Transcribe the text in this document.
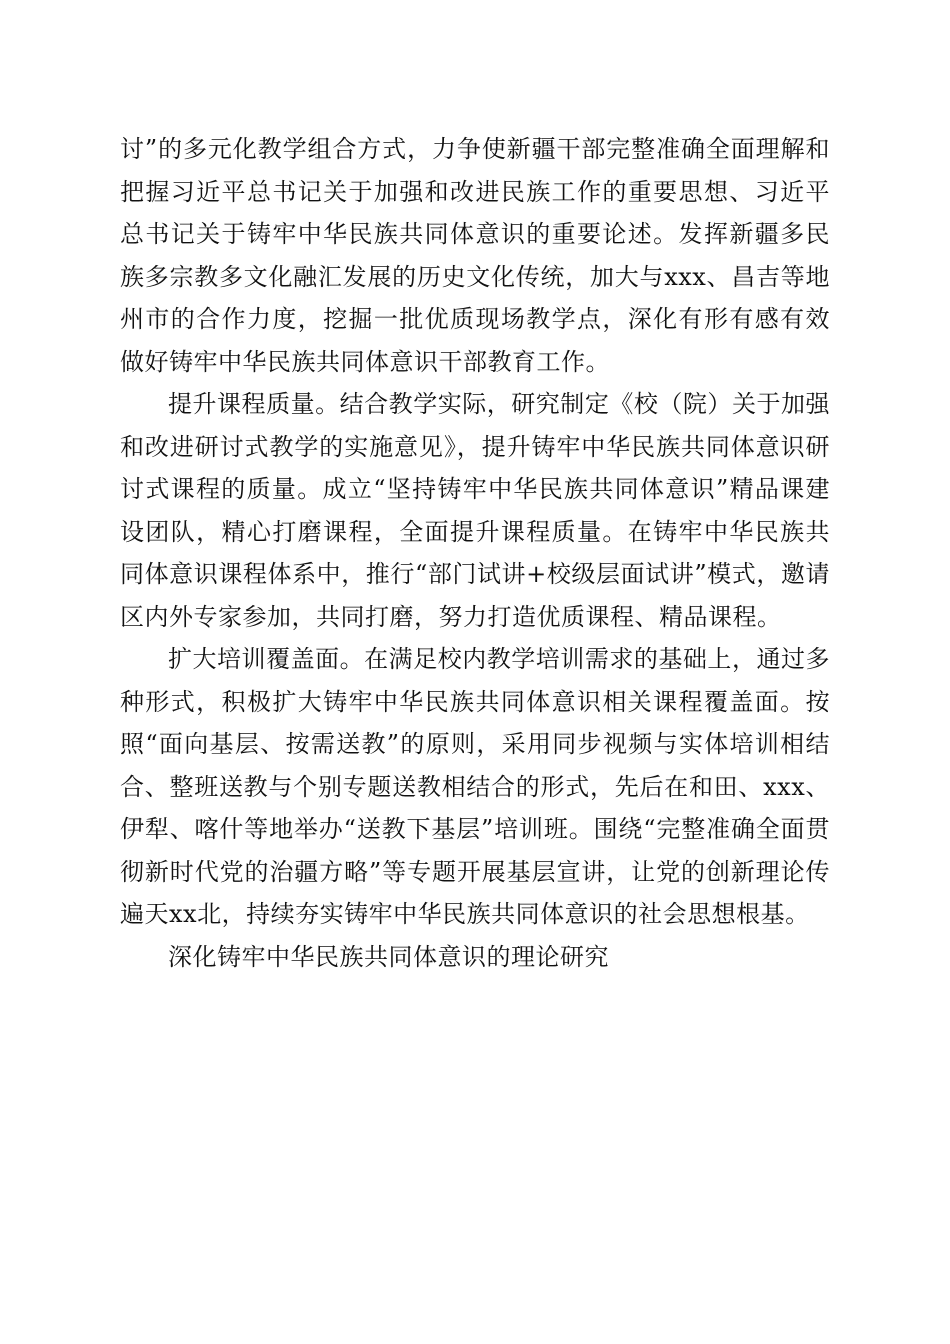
讨”的多元化教学组合方式，力争使新疆干部完整准确全面理解和把握习近平总书记关于加强和改进民族工作的重要思想、习近平总书记关于铸牢中华民族共同体意识的重要论述。发挥新疆多民族多宗教多文化融汇发展的历史文化传统，加大与xxx、昌吉等地州市的合作力度，挖掘一批优质现场教学点，深化有形有感有效做好铸牢中华民族共同体意识干部教育工作。

提升课程质量。结合教学实际，研究制定《校（院）关于加强和改进研讨式教学的实施意见》，提升铸牢中华民族共同体意识研讨式课程的质量。成立“坚持铸牢中华民族共同体意识”精品课建设团队，精心打磨课程，全面提升课程质量。在铸牢中华民族共同体意识课程体系中，推行“部门试讲+校级层面试讲”模式，邀请区内外专家参加，共同打磨，努力打造优质课程、精品课程。

扩大培训覆盖面。在满足校内教学培训需求的基础上，通过多种形式，积极扩大铸牢中华民族共同体意识相关课程覆盖面。按照“面向基层、按需送教”的原则，采用同步视频与实体培训相结合、整班送教与个别专题送教相结合的形式，先后在和田、xxx、伊犁、喀什等地举办“送教下基层”培训班。围绕“完整准确全面贯彻新时代党的治疆方略”等专题开展基层宣讲，让党的创新理论传遍天xx北，持续夯实铸牢中华民族共同体意识的社会思想根基。

深化铸牢中华民族共同体意识的理论研究
